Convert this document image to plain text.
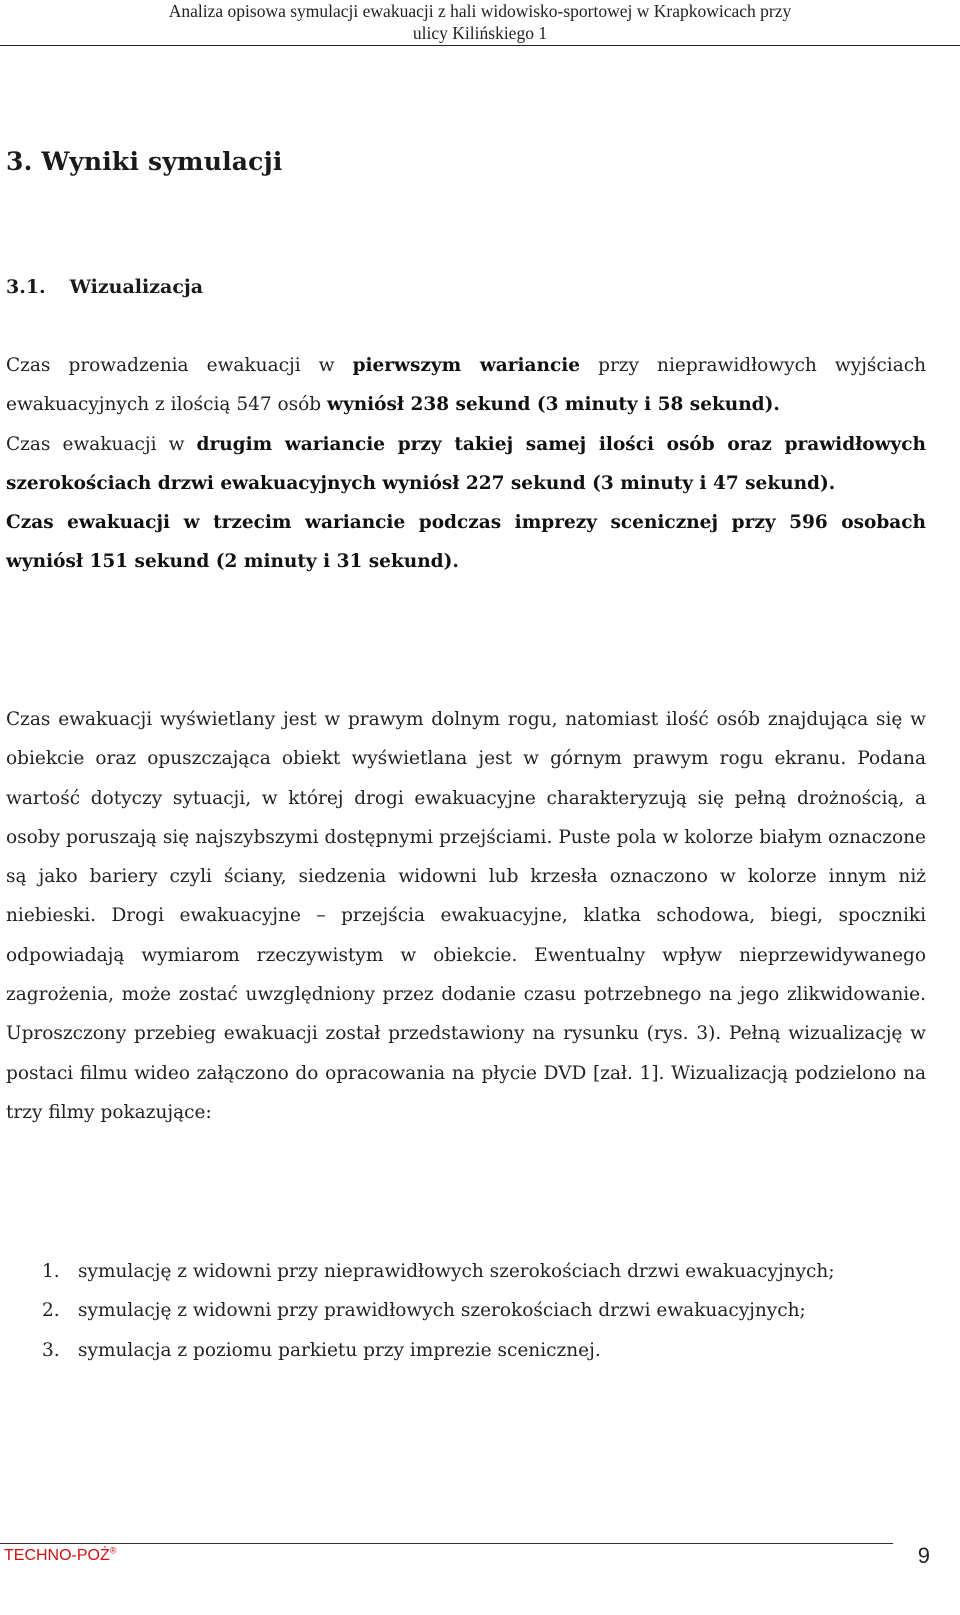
Analiza opisowa symulacji ewakuacji z hali widowisko-sportowej w Krapkowicach przy
ulicy Kilińskiego 1
3. Wyniki symulacji
3.1. Wizualizacja

Czas prowadzenia ewakuacji w pierwszym wariancie przy nieprawidłowych wyjściach ewakuacyjnych z ilością 547 osób wyniósł 238 sekund (3 minuty i 58 sekund).
Czas ewakuacji w drugim wariancie przy takiej samej ilości osób oraz prawidłowych szerokościach drzwi ewakuacyjnych wyniósł 227 sekund (3 minuty i 47 sekund).
Czas ewakuacji w trzecim wariancie podczas imprezy scenicznej przy 596 osobach wyniósł 151 sekund (2 minuty i 31 sekund).

Czas ewakuacji wyświetlany jest w prawym dolnym rogu, natomiast ilość osób znajdująca się w obiekcie oraz opuszczająca obiekt wyświetlana jest w górnym prawym rogu ekranu. Podana wartość dotyczy sytuacji, w której drogi ewakuacyjne charakteryzują się pełną drożnością, a osoby poruszają się najszybszymi dostępnymi przejściami. Puste pola w kolorze białym oznaczone są jako bariery czyli ściany, siedzenia widowni lub krzesła oznaczono w kolorze innym niż niebieski. Drogi ewakuacyjne – przejścia ewakuacyjne, klatka schodowa, biegi, spoczniki odpowiadają wymiarom rzeczywistym w obiekcie. Ewentualny wpływ nieprzewidywanego zagrożenia, może zostać uwzględniony przez dodanie czasu potrzebnego na jego zlikwidowanie. Uproszczony przebieg ewakuacji został przedstawiony na rysunku (rys. 3). Pełną wizualizację w postaci filmu wideo załączono do opracowania na płycie DVD [zał. 1]. Wizualizacją podzielono na trzy filmy pokazujące:

1. symulację z widowni przy nieprawidłowych szerokościach drzwi ewakuacyjnych;
2. symulację z widowni przy prawidłowych szerokościach drzwi ewakuacyjnych;
3. symulacja z poziomu parkietu przy imprezie scenicznej.
TECHNO-POŻ®	9
